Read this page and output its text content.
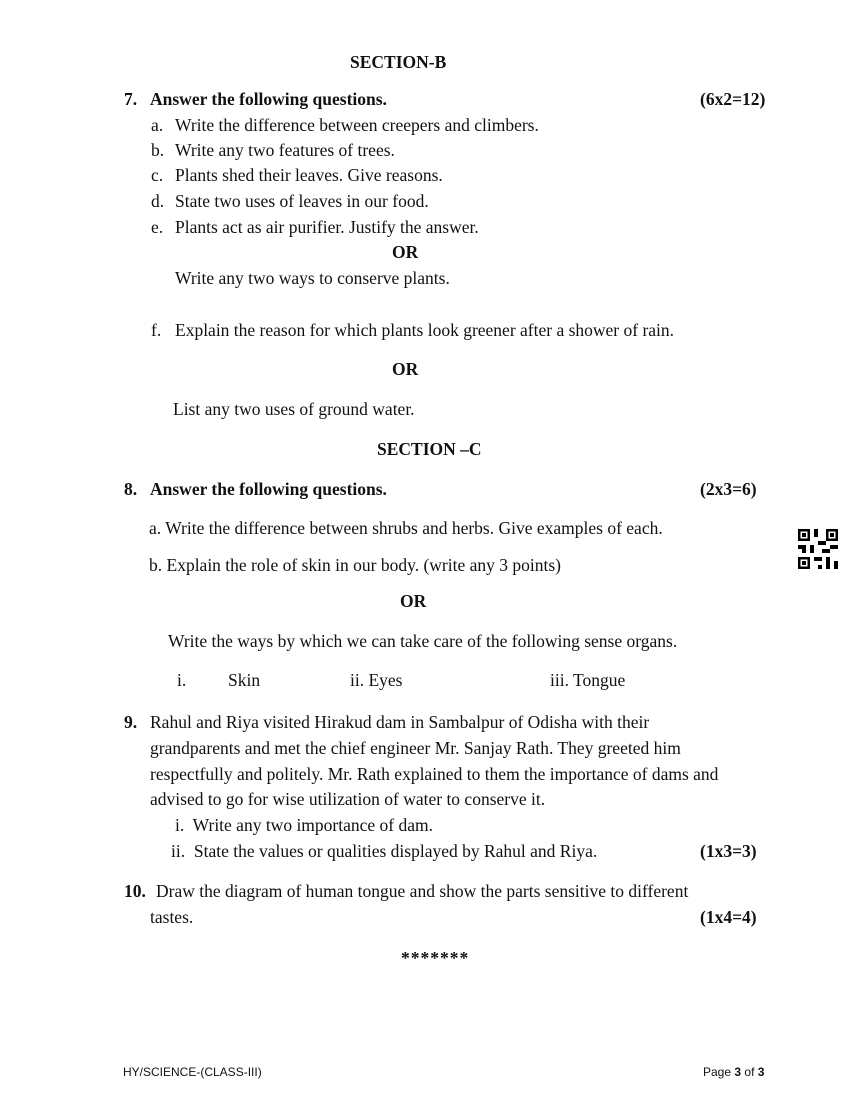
SECTION-B
7. Answer the following questions.	(6x2=12)
a. Write the difference between creepers and climbers.
b. Write any two features of trees.
c. Plants shed their leaves. Give reasons.
d. State two uses of leaves in our food.
e. Plants act as air purifier. Justify the answer.
OR
Write any two ways to conserve plants.
f. Explain the reason for which plants look greener after a shower of rain.
OR
List any two uses of ground water.
SECTION –C
8. Answer the following questions.	(2x3=6)
a. Write the difference between shrubs and herbs. Give examples of each.
b. Explain the role of skin in our body. (write any 3 points)
OR
Write the ways by which we can take care of the following sense organs.
i. Skin	ii. Eyes	iii. Tongue
9. Rahul and Riya visited Hirakud dam in Sambalpur of Odisha with their
grandparents and met the chief engineer Mr. Sanjay Rath. They greeted him
respectfully and politely. Mr. Rath explained to them the importance of dams and
advised to go for wise utilization of water to conserve it.
i.  Write any two importance of dam.
ii.  State the values or qualities displayed by Rahul and Riya.	(1x3=3)
10. Draw the diagram of human tongue and show the parts sensitive to different
tastes.	(1x4=4)
*******
HY/SCIENCE-(CLASS-III)	Page 3 of 3
